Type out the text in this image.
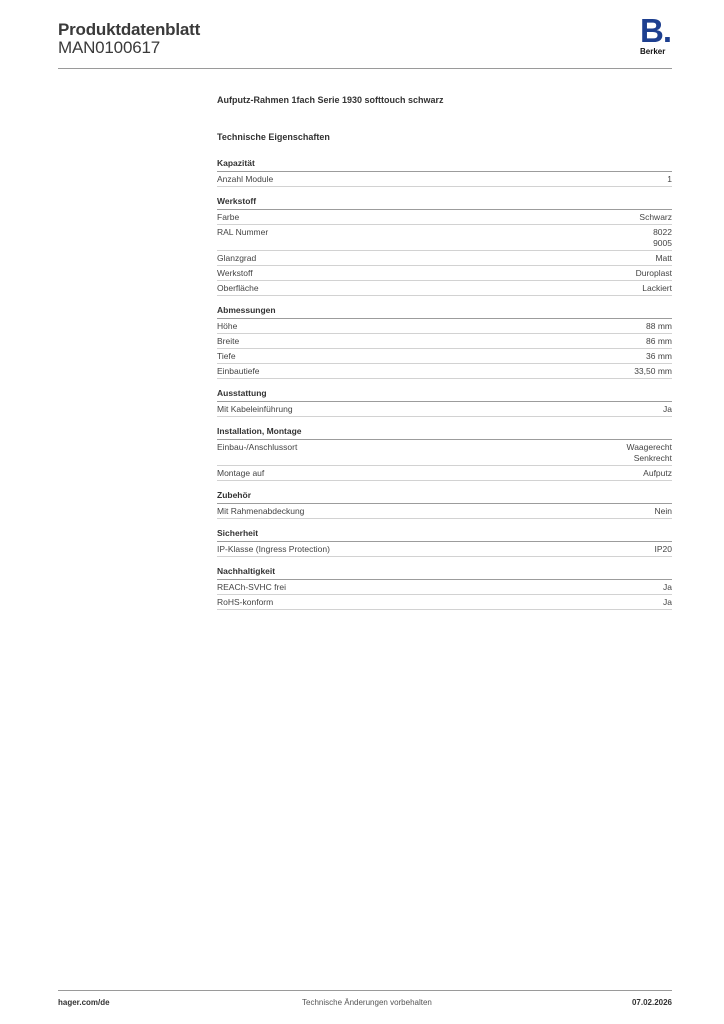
Produktdatenblatt
MAN0100617	B.
Berker
Aufputz-Rahmen 1fach Serie 1930 softtouch schwarz
Technische Eigenschaften
Kapazität
Anzahl Module	1
Werkstoff
Farbe	Schwarz
RAL Nummer	8022
9005
Glanzgrad	Matt
Werkstoff	Duroplast
Oberfläche	Lackiert
Abmessungen
Höhe	88 mm
Breite	86 mm
Tiefe	36 mm
Einbautiefe	33,50 mm
Ausstattung
Mit Kabeleinführung	Ja
Installation, Montage
Einbau-/Anschlussort	Waagerecht
Senkrecht
Montage auf	Aufputz
Zubehör
Mit Rahmenabdeckung	Nein
Sicherheit
IP-Klasse (Ingress Protection)	IP20
Nachhaltigkeit
REACh-SVHC frei	Ja
RoHS-konform	Ja
hager.com/de	Technische Änderungen vorbehalten	07.02.2026
